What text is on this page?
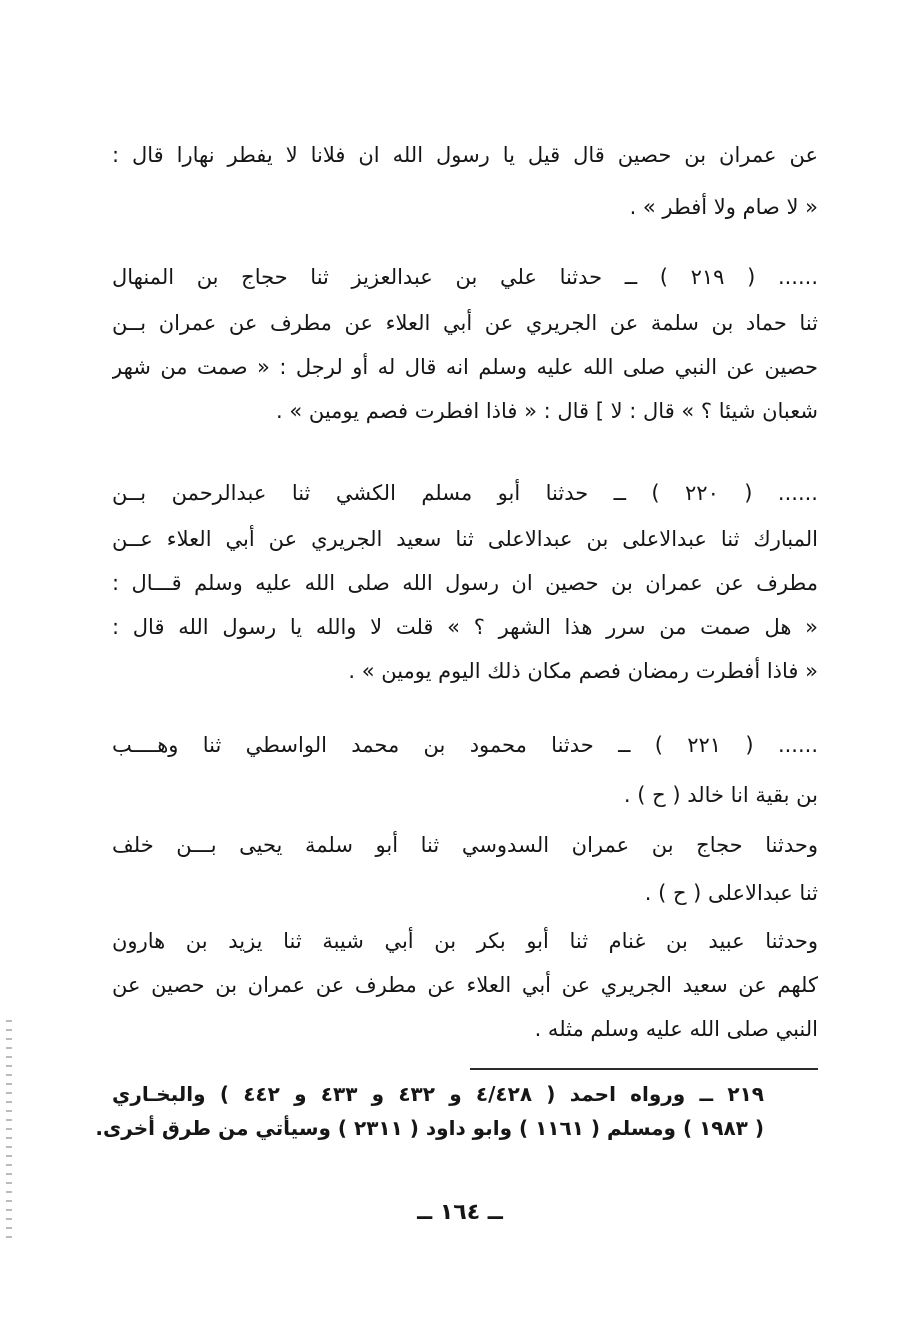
عن عمران بن حصين قال قيل يا رسول الله ان فلانا لا يفطر نهارا قال :
« لا صام ولا أفطر » .
...... ( ٢١٩ ) ــ حدثنا علي بن عبدالعزيز ثنا حجاج بن المنهال
ثنا حماد بن سلمة عن الجريري عن أبي العلاء عن مطرف عن عمران بــن
حصين عن النبي صلى الله عليه وسلم انه قال له أو لرجل : « صمت من شهر
شعبان شيئا ؟ » قال : لا ] قال : « فاذا افطرت فصم يومين » .
...... ( ٢٢٠ ) ــ حدثنا أبو مسلم الكشي ثنا عبدالرحمن بــن
المبارك ثنا عبدالاعلى بن عبدالاعلى ثنا سعيد الجريري عن أبي العلاء عــن
مطرف عن عمران بن حصين ان رسول الله صلى الله عليه وسلم قـــال :
« هل صمت من سرر هذا الشهر ؟ » قلت لا والله يا رسول الله قال :
« فاذا أفطرت رمضان فصم مكان ذلك اليوم يومين » .
...... ( ٢٢١ ) ــ حدثنا محمود بن محمد الواسطي ثنا وهــــب
بن بقية انا خالد ( ح ) .
وحدثنا حجاج بن عمران السدوسي ثنا أبو سلمة يحيى بـــن خلف
ثنا عبدالاعلى ( ح ) .
وحدثنا عبيد بن غنام ثنا أبو بكر بن أبي شيبة ثنا يزيد بن هارون
كلهم عن سعيد الجريري عن أبي العلاء عن مطرف عن عمران بن حصين عن
النبي صلى الله عليه وسلم مثله .
٢١٩ ــ ورواه احمد ( ٤/٤٢٨ و ٤٣٢ و ٤٣٣ و ٤٤٢ ) والبخـاري
( ١٩٨٣ ) ومسلم ( ١١٦١ ) وابو داود ( ٢٣١١ ) وسيأتي من طرق أخرى.
ــ ١٦٤ ــ
